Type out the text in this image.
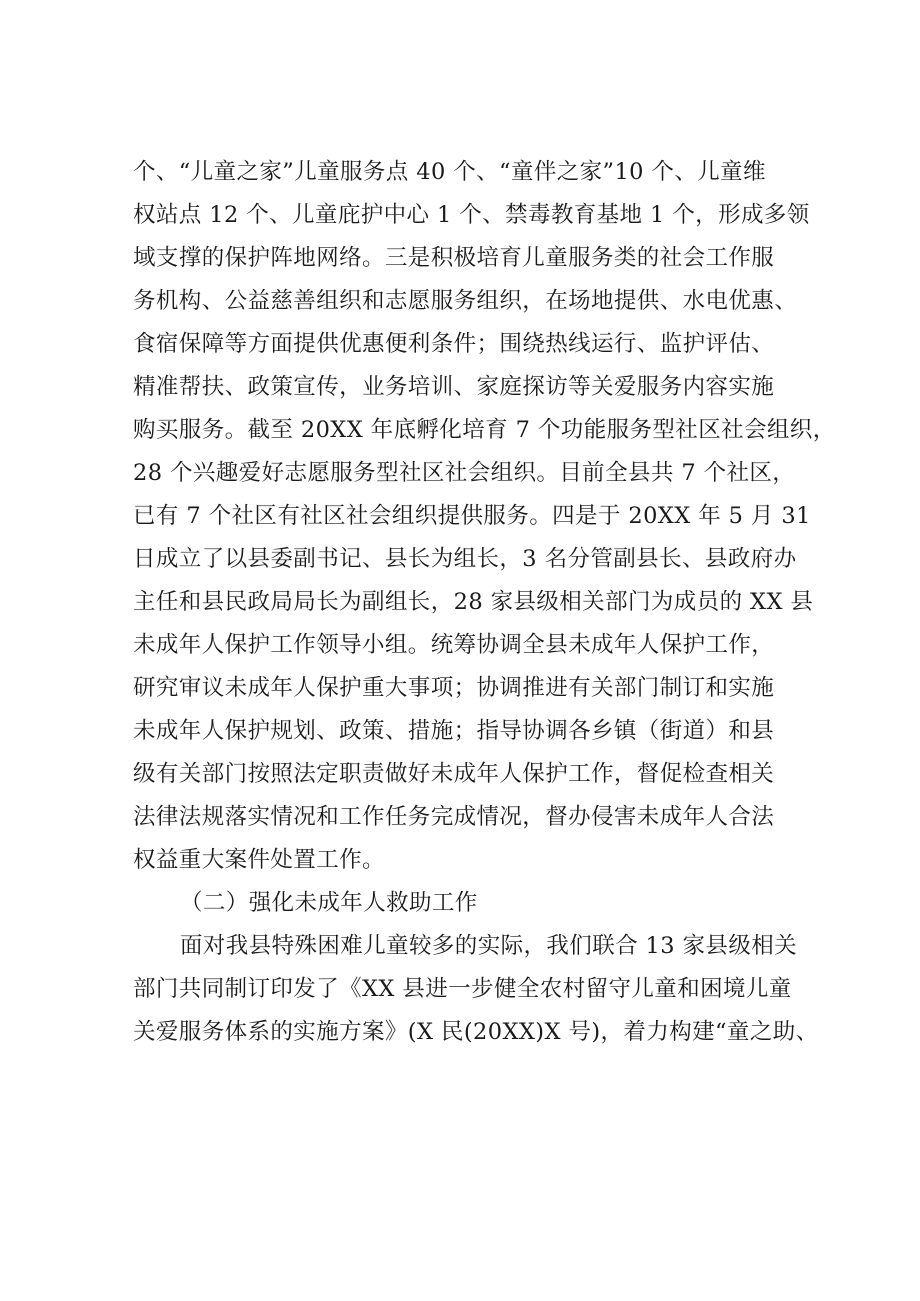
个、“儿童之家”儿童服务点 40 个、“童伴之家”10 个、儿童维
权站点 12 个、儿童庇护中心 1 个、禁毒教育基地 1 个，形成多领
域支撑的保护阵地网络。三是积极培育儿童服务类的社会工作服
务机构、公益慈善组织和志愿服务组织，在场地提供、水电优惠、
食宿保障等方面提供优惠便利条件；围绕热线运行、监护评估、
精准帮扶、政策宣传，业务培训、家庭探访等关爱服务内容实施
购买服务。截至 20XX 年底孵化培育 7 个功能服务型社区社会组织，
28 个兴趣爱好志愿服务型社区社会组织。目前全县共 7 个社区，
已有 7 个社区有社区社会组织提供服务。四是于 20XX 年 5 月 31
日成立了以县委副书记、县长为组长，3 名分管副县长、县政府办
主任和县民政局局长为副组长，28 家县级相关部门为成员的 XX 县
未成年人保护工作领导小组。统筹协调全县未成年人保护工作，
研究审议未成年人保护重大事项；协调推进有关部门制订和实施
未成年人保护规划、政策、措施；指导协调各乡镇（街道）和县
级有关部门按照法定职责做好未成年人保护工作，督促检查相关
法律法规落实情况和工作任务完成情况，督办侵害未成年人合法
权益重大案件处置工作。
（二）强化未成年人救助工作
面对我县特殊困难儿童较多的实际，我们联合 13 家县级相关
部门共同制订印发了《XX 县进一步健全农村留守儿童和困境儿童
关爱服务体系的实施方案》(X 民(20XX)X 号)，着力构建“童之助、
